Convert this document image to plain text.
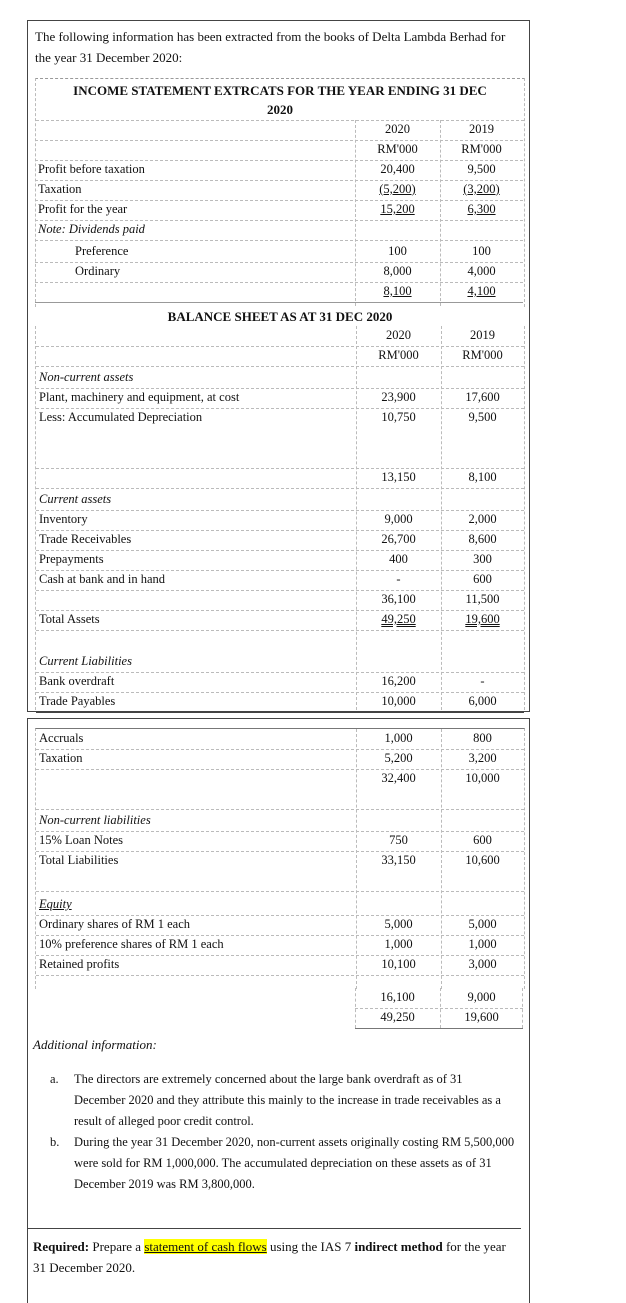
The following information has been extracted from the books of Delta Lambda Berhad for the year 31 December 2020:
INCOME STATEMENT EXTRCATS FOR THE YEAR ENDING 31 DEC
2020
2020	2019
RM'000	RM'000
Profit before taxation	20,400	9,500
Taxation	(5,200)	(3,200)
Profit for the year	15,200	6,300
Note: Dividends paid
Preference	100	100
Ordinary	8,000	4,000
8,100	4,100
BALANCE SHEET AS AT 31 DEC 2020
2020	2019
RM'000	RM'000
Non-current assets
Plant, machinery and equipment, at cost	23,900	17,600
Less: Accumulated Depreciation	10,750	9,500
13,150	8,100
Current assets
Inventory	9,000	2,000
Trade Receivables	26,700	8,600
Prepayments	400	300
Cash at bank and in hand	-	600
36,100	11,500
Total Assets	49,250	19,600
Current Liabilities
Bank overdraft	16,200	-
Trade Payables	10,000	6,000
Accruals	1,000	800
Taxation	5,200	3,200
32,400	10,000
Non-current liabilities
15% Loan Notes	750	600
Total Liabilities	33,150	10,600
Equity
Ordinary shares of RM 1 each	5,000	5,000
10% preference shares of RM 1 each	1,000	1,000
Retained profits	10,100	3,000
16,100	9,000
49,250	19,600
Additional information:
a. The directors are extremely concerned about the large bank overdraft as of 31 December 2020 and they attribute this mainly to the increase in trade receivables as a result of alleged poor credit control.
b. During the year 31 December 2020, non-current assets originally costing RM 5,500,000 were sold for RM 1,000,000. The accumulated depreciation on these assets as of 31 December 2019 was RM 3,800,000.
Required: Prepare a statement of cash flows using the IAS 7 indirect method for the year 31 December 2020.
